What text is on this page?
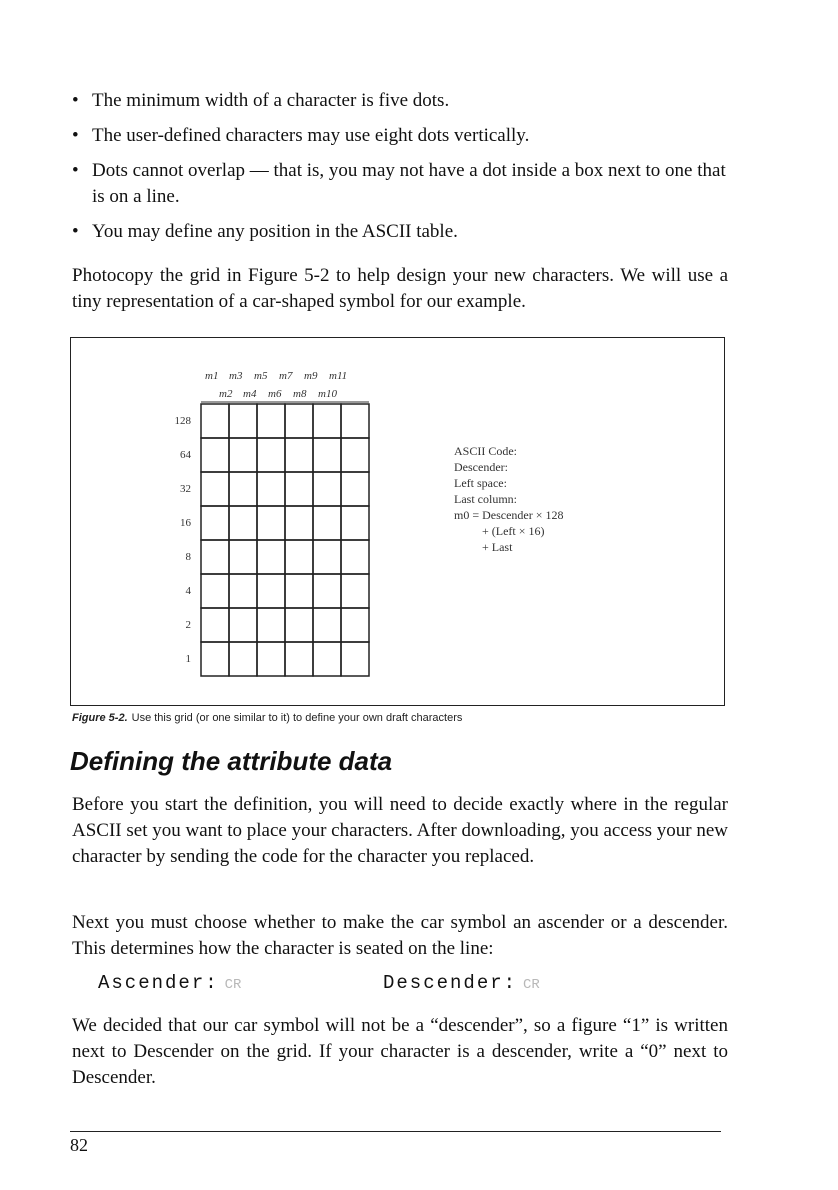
• The minimum width of a character is five dots.
• The user-defined characters may use eight dots vertically.
• Dots cannot overlap — that is, you may not have a dot inside a box next to one that is on a line.
• You may define any position in the ASCII table.

Photocopy the grid in Figure 5-2 to help design your new characters. We will use a tiny representation of a car-shaped symbol for our example.

m1 m3 m5 m7 m9 m11
m2 m4 m6 m8 m10
128
64
32
16
8
4
2
1
ASCII Code:
Descender:
Left space:
Last column:
m0 = Descender × 128
+ (Left × 16)
+ Last
Figure 5-2. Use this grid (or one similar to it) to define your own draft characters
Defining the attribute data

Before you start the definition, you will need to decide exactly where in the regular ASCII set you want to place your characters. After downloading, you access your new character by sending the code for the character you replaced.

Next you must choose whether to make the car symbol an ascender or a descender. This determines how the character is seated on the line:

Ascender: CR	Descender: CR

We decided that our car symbol will not be a “descender”, so a figure “1” is written next to Descender on the grid. If your character is a descender, write a “0” next to Descender.

82
